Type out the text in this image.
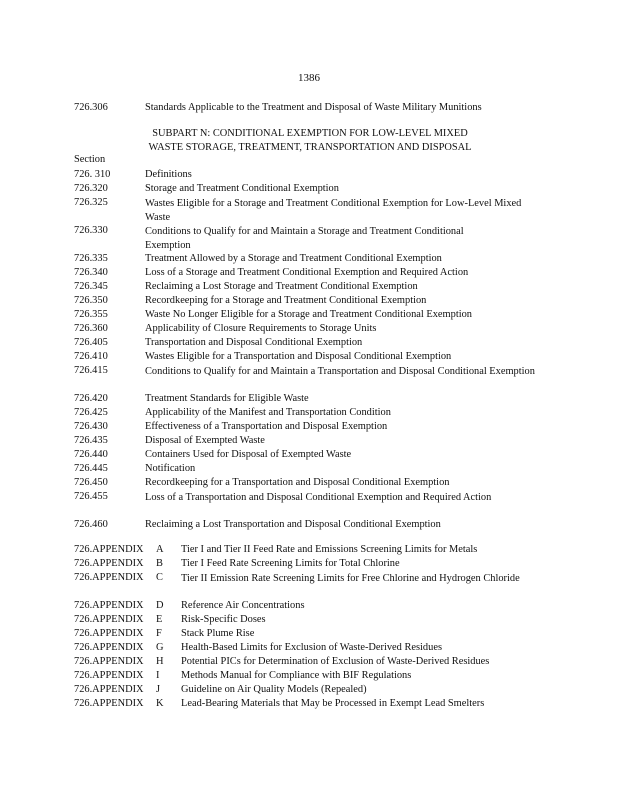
1386
726.306	Standards Applicable to the Treatment and Disposal of Waste Military Munitions
SUBPART N: CONDITIONAL EXEMPTION FOR LOW-LEVEL MIXED
WASTE STORAGE, TREATMENT, TRANSPORTATION AND DISPOSAL
Section
726. 310	Definitions
726.320	Storage and Treatment Conditional Exemption
726.325	Wastes Eligible for a Storage and Treatment Conditional Exemption for Low-Level Mixed Waste
726.330	Conditions to Qualify for and Maintain a Storage and Treatment Conditional Exemption
726.335	Treatment Allowed by a Storage and Treatment Conditional Exemption
726.340	Loss of a Storage and Treatment Conditional Exemption and Required Action
726.345	Reclaiming a Lost Storage and Treatment Conditional Exemption
726.350	Recordkeeping for a Storage and Treatment Conditional Exemption
726.355	Waste No Longer Eligible for a Storage and Treatment Conditional Exemption
726.360	Applicability of Closure Requirements to Storage Units
726.405	Transportation and Disposal Conditional Exemption
726.410	Wastes Eligible for a Transportation and Disposal Conditional Exemption
726.415	Conditions to Qualify for and Maintain a Transportation and Disposal Conditional Exemption
726.420	Treatment Standards for Eligible Waste
726.425	Applicability of the Manifest and Transportation Condition
726.430	Effectiveness of a Transportation and Disposal Exemption
726.435	Disposal of Exempted Waste
726.440	Containers Used for Disposal of Exempted Waste
726.445	Notification
726.450	Recordkeeping for a Transportation and Disposal Conditional Exemption
726.455	Loss of a Transportation and Disposal Conditional Exemption and Required Action
726.460	Reclaiming a Lost Transportation and Disposal Conditional Exemption
726.APPENDIX A Tier I and Tier II Feed Rate and Emissions Screening Limits for Metals
726.APPENDIX B Tier I Feed Rate Screening Limits for Total Chlorine
726.APPENDIX C Tier II Emission Rate Screening Limits for Free Chlorine and Hydrogen Chloride
726.APPENDIX D Reference Air Concentrations
726.APPENDIX E Risk-Specific Doses
726.APPENDIX F Stack Plume Rise
726.APPENDIX G Health-Based Limits for Exclusion of Waste-Derived Residues
726.APPENDIX H Potential PICs for Determination of Exclusion of Waste-Derived Residues
726.APPENDIX I Methods Manual for Compliance with BIF Regulations
726.APPENDIX J Guideline on Air Quality Models (Repealed)
726.APPENDIX K Lead-Bearing Materials that May be Processed in Exempt Lead Smelters
